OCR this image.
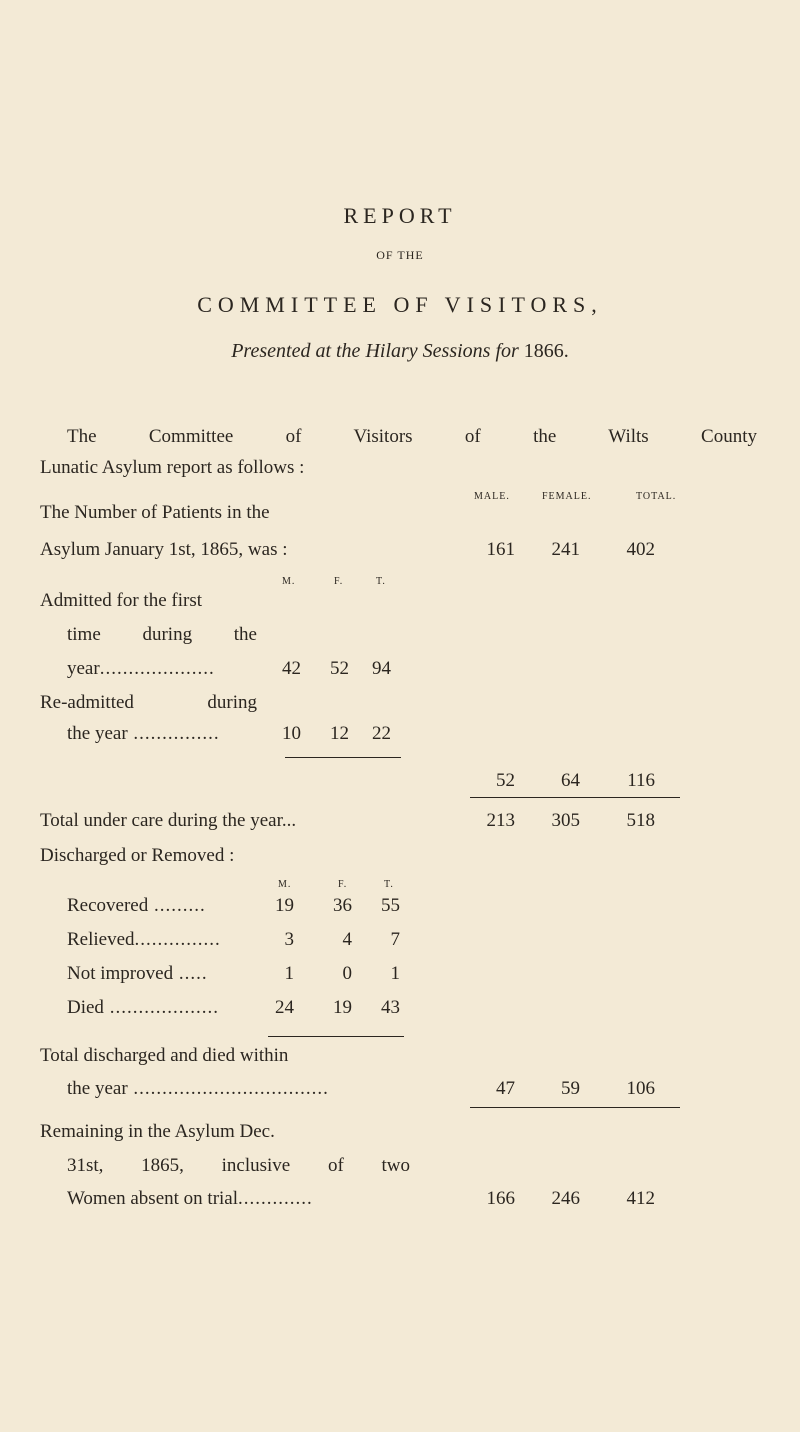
REPORT
OF THE
COMMITTEE OF VISITORS,
Presented at the Hilary Sessions for 1866.
The Committee of Visitors of the Wilts County
Lunatic Asylum report as follows :
MALE.	FEMALE.	TOTAL.
The Number of Patients in the
Asylum January 1st, 1865, was :	161	241	402
M.	F.	T.
Admitted for the first
time during the
year....................	42	52	94
Re-admitted during
the year ...............	10	12	22
52	64	116
Total under care during the year...	213	305	518
Discharged or Removed :
M.	F.	T.
Recovered .........	19	36	55
Relieved...............	3	4	7
Not improved .....	1	0	1
Died ...................	24	19	43
Total discharged and died within
the year ..................................	47	59	106
Remaining in the Asylum Dec.
31st, 1865, inclusive of two
Women absent on trial.............	166	246	412
